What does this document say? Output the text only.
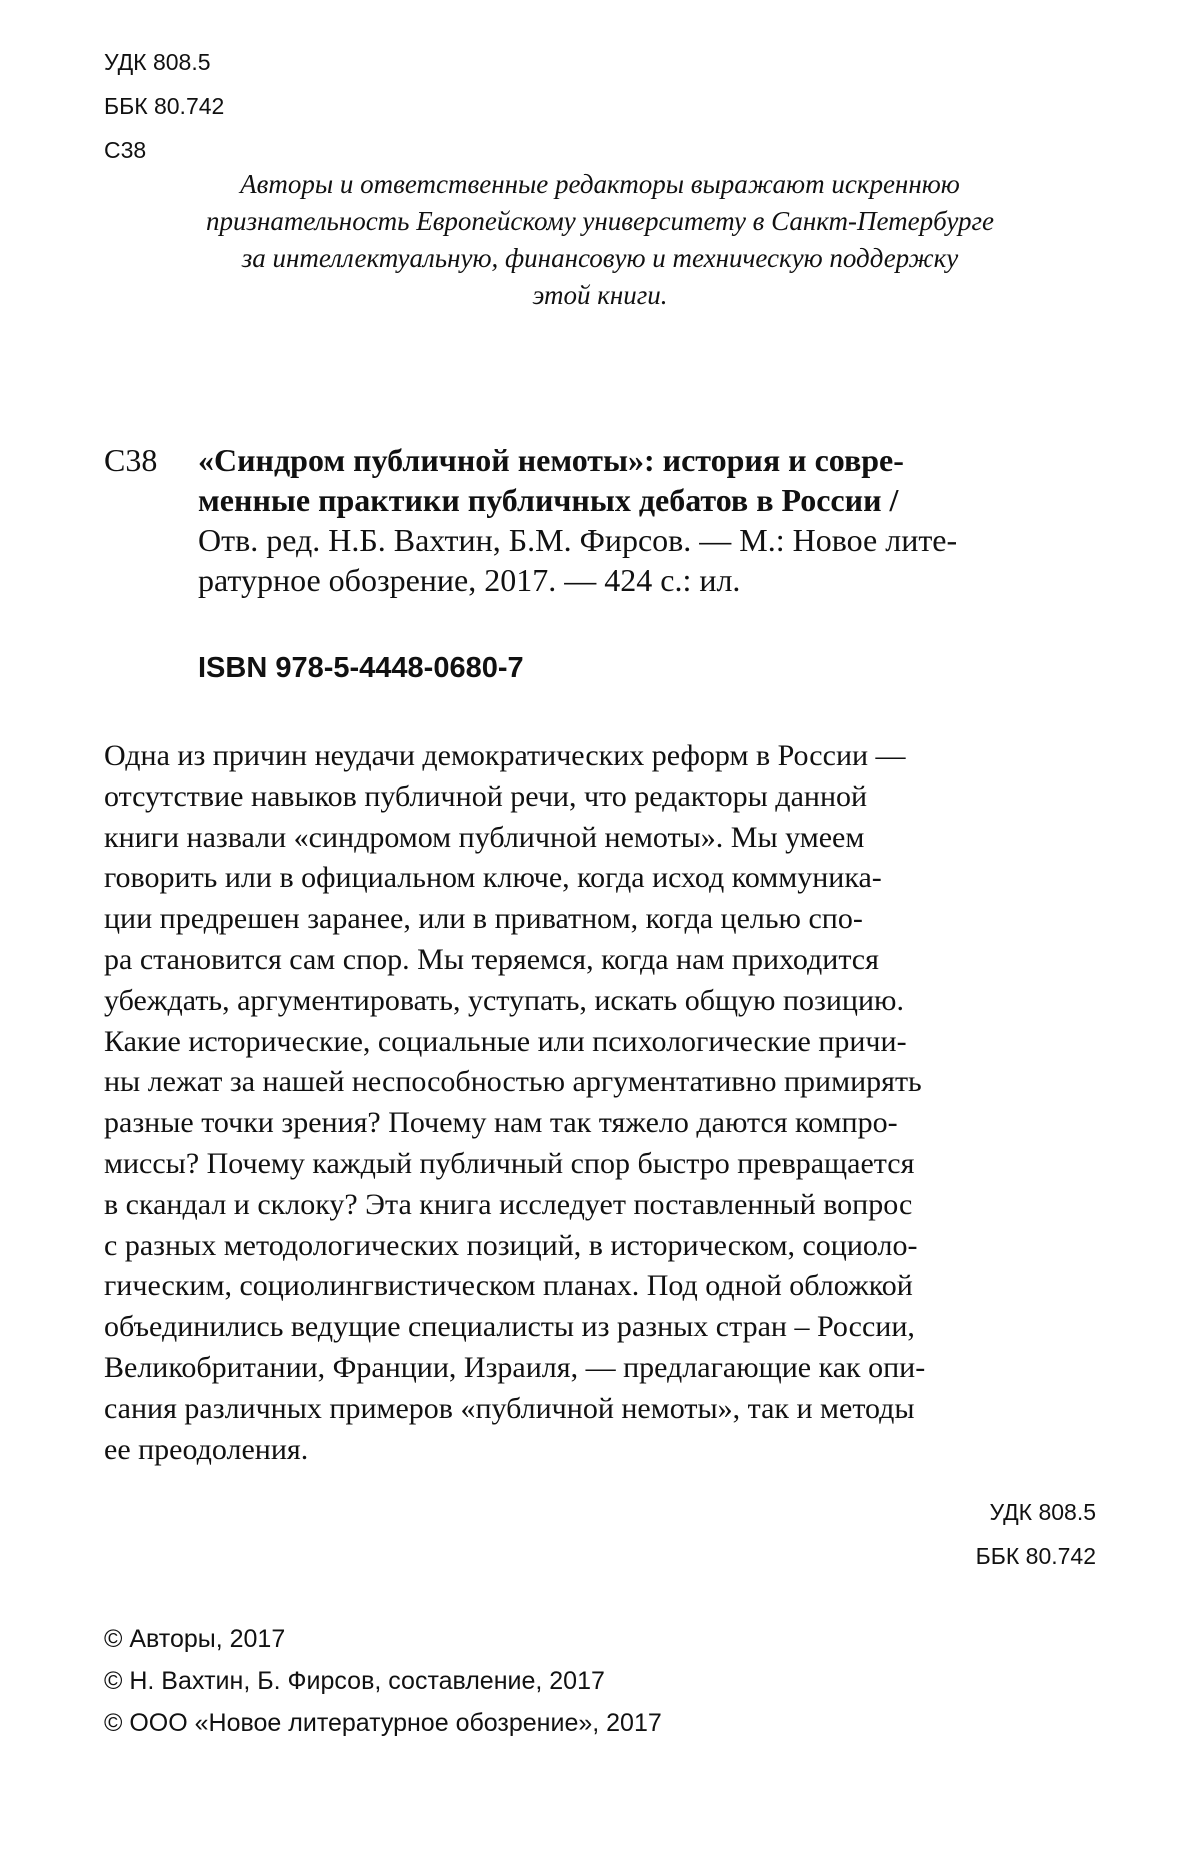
УДК 808.5
ББК 80.742
С38
Авторы и ответственные редакторы выражают искреннюю
признательность Европейскому университету в Санкт-Петербурге
за интеллектуальную, финансовую и техническую поддержку
этой книги.
С38 «Синдром публичной немоты»: история и совре-
менные практики публичных дебатов в России /
Отв. ред. Н.Б. Вахтин, Б.М. Фирсов. — М.: Новое лите-
ратурное обозрение, 2017. — 424 с.: ил.
ISBN 978-5-4448-0680-7
Одна из причин неудачи демократических реформ в России —
отсутствие навыков публичной речи, что редакторы данной
книги назвали «синдромом публичной немоты». Мы умеем
говорить или в официальном ключе, когда исход коммуника-
ции предрешен заранее, или в приватном, когда целью спо-
ра становится сам спор. Мы теряемся, когда нам приходится
убеждать, аргументировать, уступать, искать общую позицию.
Какие исторические, социальные или психологические причи-
ны лежат за нашей неспособностью аргументативно примирять
разные точки зрения? Почему нам так тяжело даются компро-
миссы? Почему каждый публичный спор быстро превращается
в скандал и склоку? Эта книга исследует поставленный вопрос
с разных методологических позиций, в историческом, социоло-
гическим, социолингвистическом планах. Под одной обложкой
объединились ведущие специалисты из разных стран – России,
Великобритании, Франции, Израиля, — предлагающие как опи-
сания различных примеров «публичной немоты», так и методы
ее преодоления.
УДК 808.5
ББК 80.742
© Авторы, 2017
© Н. Вахтин, Б. Фирсов, составление, 2017
© ООО «Новое литературное обозрение», 2017
